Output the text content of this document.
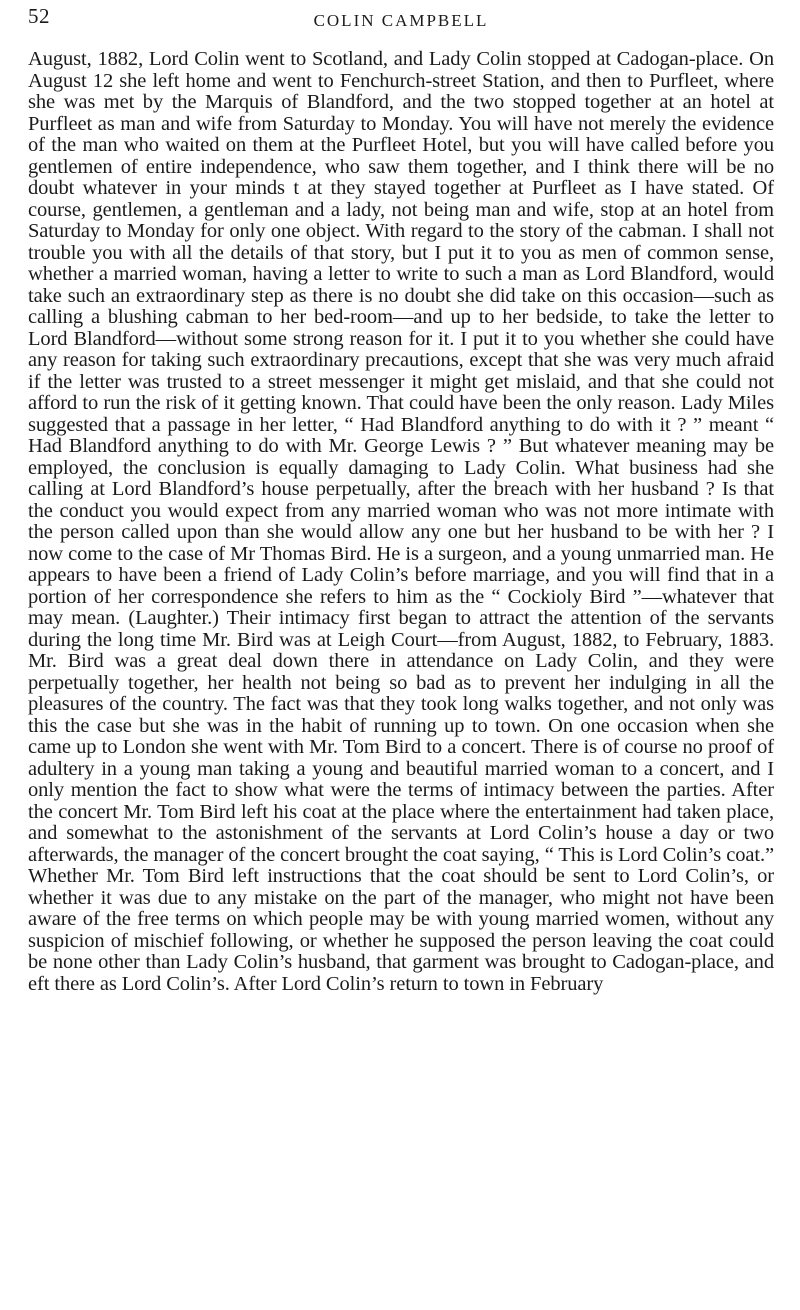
52	COLIN CAMPBELL

August, 1882, Lord Colin went to Scotland, and Lady Colin stopped at Cadogan-place. On August 12 she left home and went to Fenchurch-street Station, and then to Purfleet, where she was met by the Marquis of Blandford, and the two stopped together at an hotel at Purfleet as man and wife from Saturday to Monday. You will have not merely the evidence of the man who waited on them at the Purfleet Hotel, but you will have called before you gentlemen of entire independence, who saw them together, and I think there will be no doubt whatever in your minds t at they stayed together at Purfleet as I have stated. Of course, gentlemen, a gentleman and a lady, not being man and wife, stop at an hotel from Saturday to Monday for only one object. With regard to the story of the cabman. I shall not trouble you with all the details of that story, but I put it to you as men of common sense, whether a married woman, having a letter to write to such a man as Lord Blandford, would take such an extraordinary step as there is no doubt she did take on this occasion—such as calling a blushing cabman to her bed-room—and up to her bedside, to take the letter to Lord Blandford—without some strong reason for it. I put it to you whether she could have any reason for taking such extraordinary precautions, except that she was very much afraid if the letter was trusted to a street messenger it might get mislaid, and that she could not afford to run the risk of it getting known. That could have been the only reason. Lady Miles suggested that a passage in her letter, “ Had Blandford anything to do with it ? ” meant “ Had Blandford anything to do with Mr. George Lewis ? ” But whatever meaning may be employed, the conclusion is equally damaging to Lady Colin. What business had she calling at Lord Blandford’s house perpetually, after the breach with her husband ? Is that the conduct you would expect from any married woman who was not more intimate with the person called upon than she would allow any one but her husband to be with her ? I now come to the case of Mr Thomas Bird. He is a surgeon, and a young unmarried man. He appears to have been a friend of Lady Colin’s before marriage, and you will find that in a portion of her correspondence she refers to him as the “ Cockioly Bird ”—whatever that may mean. (Laughter.) Their intimacy first began to attract the attention of the servants during the long time Mr. Bird was at Leigh Court—from August, 1882, to February, 1883. Mr. Bird was a great deal down there in attendance on Lady Colin, and they were perpetually together, her health not being so bad as to prevent her indulging in all the pleasures of the country. The fact was that they took long walks together, and not only was this the case but she was in the habit of running up to town. On one occasion when she came up to London she went with Mr. Tom Bird to a concert. There is of course no proof of adultery in a young man taking a young and beautiful married woman to a concert, and I only mention the fact to show what were the terms of intimacy between the parties. After the concert Mr. Tom Bird left his coat at the place where the entertainment had taken place, and somewhat to the astonishment of the servants at Lord Colin’s house a day or two afterwards, the manager of the concert brought the coat saying, “ This is Lord Colin’s coat.” Whether Mr. Tom Bird left instructions that the coat should be sent to Lord Colin’s, or whether it was due to any mistake on the part of the manager, who might not have been aware of the free terms on which people may be with young married women, without any suspicion of mischief following, or whether he supposed the person leaving the coat could be none other than Lady Colin’s husband, that garment was brought to Cadogan-place, and eft there as Lord Colin’s. After Lord Colin’s return to town in February
